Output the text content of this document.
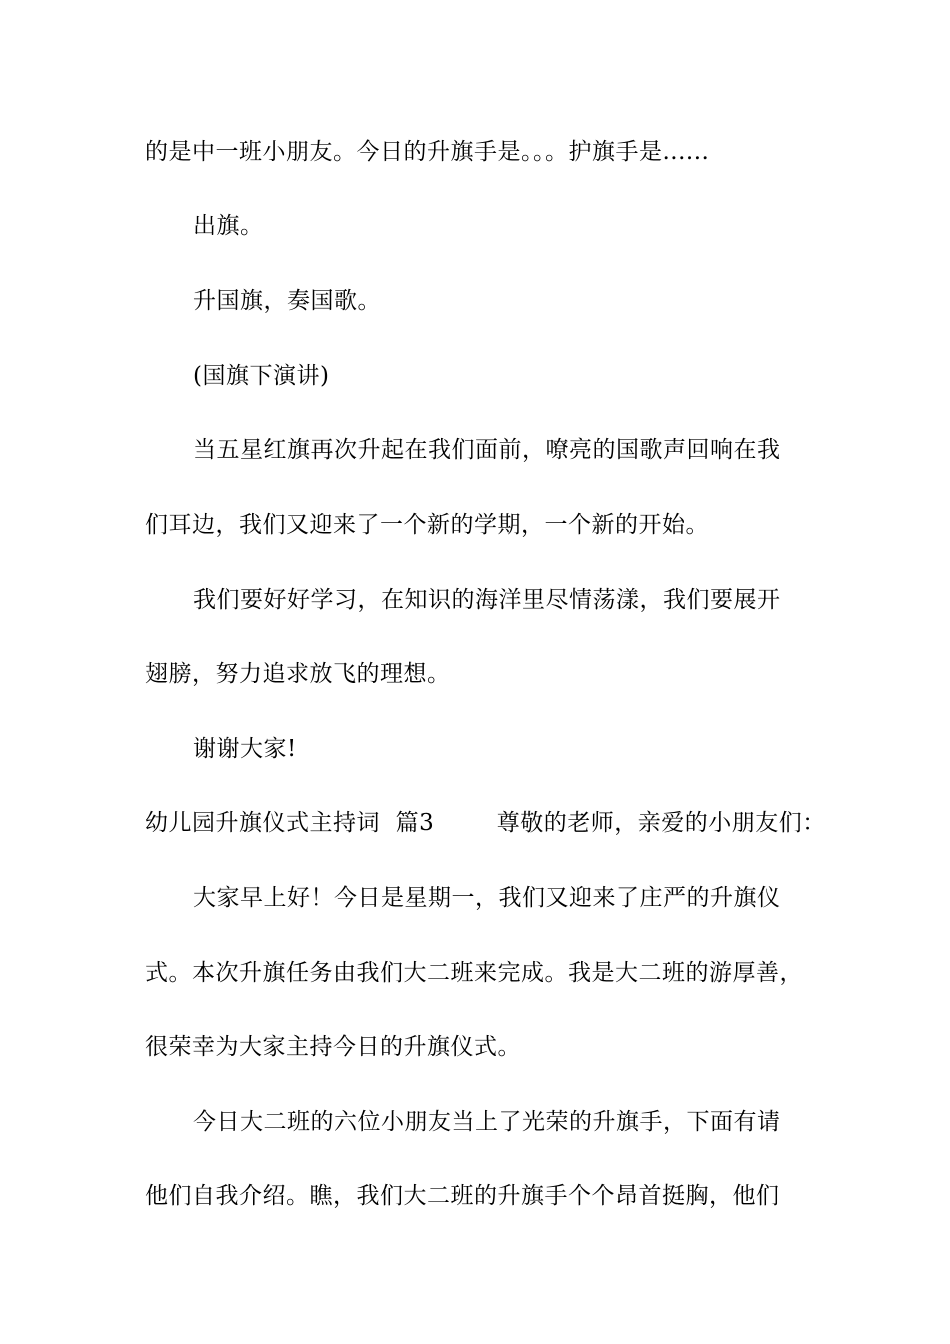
的是中一班小朋友。今日的升旗手是。。。护旗手是......
出旗。
升国旗，奏国歌。
(国旗下演讲)
当五星红旗再次升起在我们面前，嘹亮的国歌声回响在我
们耳边，我们又迎来了一个新的学期，一个新的开始。
我们要好好学习，在知识的海洋里尽情荡漾，我们要展开
翅膀，努力追求放飞的理想。
谢谢大家!
幼儿园升旗仪式主持词  篇3        尊敬的老师，亲爱的小朋友们：
大家早上好！今日是星期一，我们又迎来了庄严的升旗仪
式。本次升旗任务由我们大二班来完成。我是大二班的游厚善，
很荣幸为大家主持今日的升旗仪式。
今日大二班的六位小朋友当上了光荣的升旗手，下面有请
他们自我介绍。瞧，我们大二班的升旗手个个昂首挺胸，他们
